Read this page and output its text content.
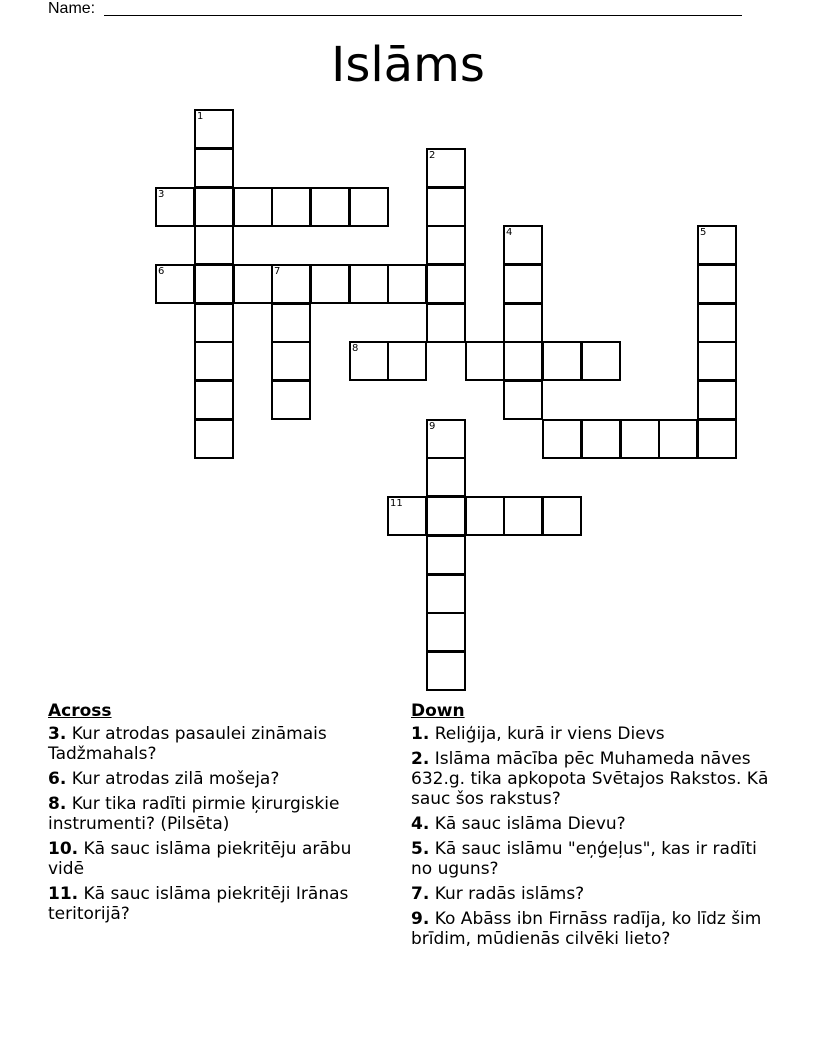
Name:
Islāms
1
3
2
6	7
8
4	5
9
11
Across
3. Kur atrodas pasaulei zināmais Tadžmahals?
6. Kur atrodas zilā mošeja?
8. Kur tika radīti pirmie ķirurgiskie instrumenti? (Pilsēta)
10. Kā sauc islāma piekritēju arābu vidē
11. Kā sauc islāma piekritēji Irānas teritorijā?
Down
1. Reliģija, kurā ir viens Dievs
2. Islāma mācība pēc Muhameda nāves 632.g. tika apkopota Svētajos Rakstos. Kā sauc šos rakstus?
4. Kā sauc islāma Dievu?
5. Kā sauc islāmu "eņģeļus", kas ir radīti no uguns?
7. Kur radās islāms?
9. Ko Abāss ibn Firnāss radīja, ko līdz šim brīdim, mūdienās cilvēki lieto?
